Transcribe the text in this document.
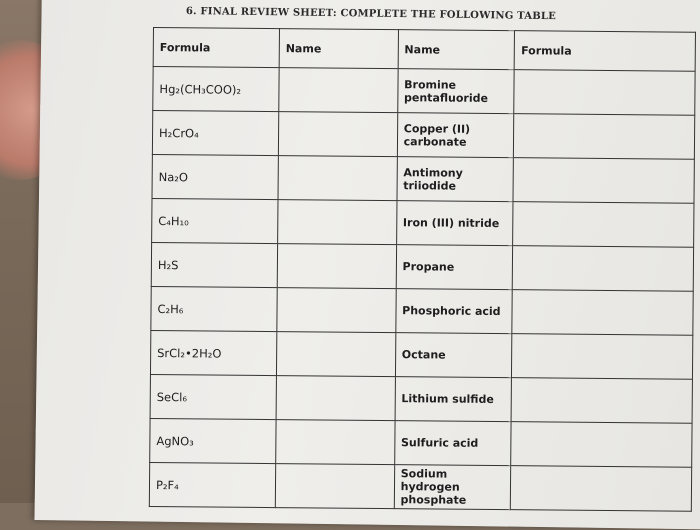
6. FINAL REVIEW SHEET: COMPLETE THE FOLLOWING TABLE
Formula	Name	Name	Formula
Hg₂(CH₃COO)₂		Bromine pentafluoride	
H₂CrO₄		Copper (II) carbonate	
Na₂O		Antimony triiodide	
C₄H₁₀		Iron (III) nitride	
H₂S		Propane	
C₂H₆		Phosphoric acid	
SrCl₂•2H₂O		Octane	
SeCl₆		Lithium sulfide	
AgNO₃		Sulfuric acid	
P₂F₄		Sodium hydrogen phosphate	
